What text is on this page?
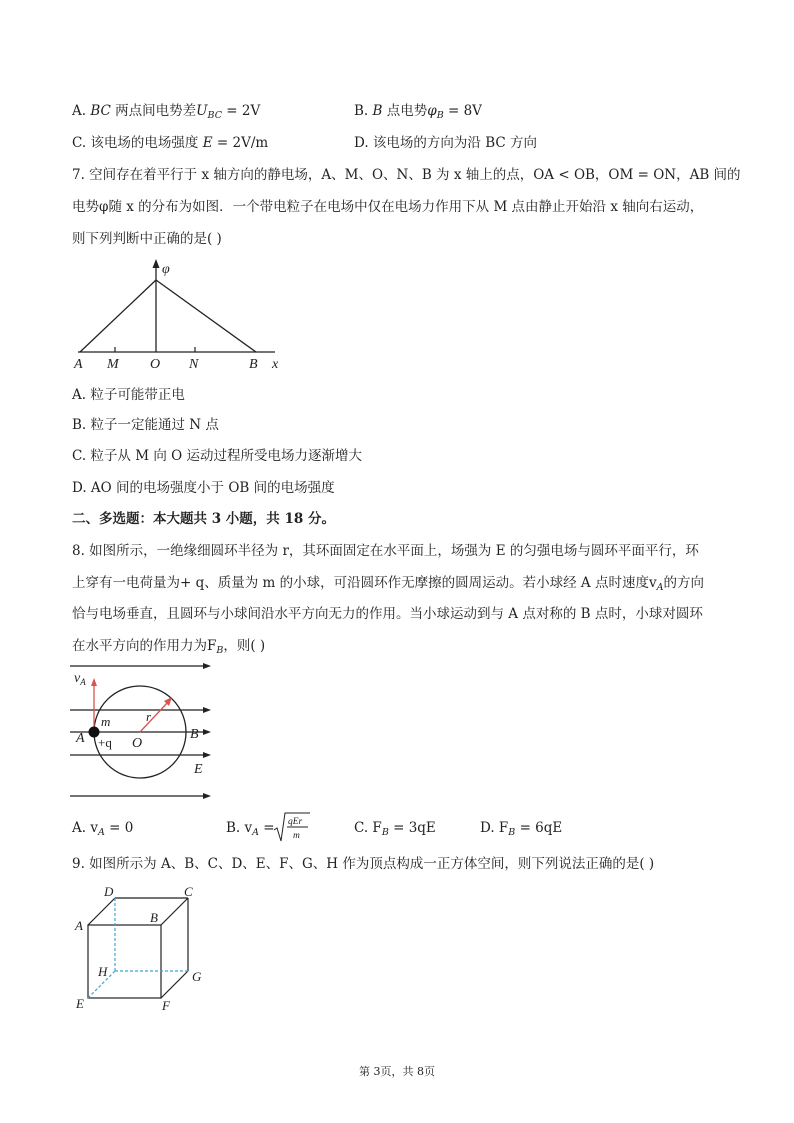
A. BC 两点间电势差$U_{BC} = 2V$	B. B 点电势$\varphi_B = 8V$
C. 该电场的电场强度 E = 2V/m	D. 该电场的方向为沿 BC 方向
7. 空间存在着平行于 x 轴方向的静电场，A、M、O、N、B 为 x 轴上的点，OA < OB，OM = ON，AB 间的
电势φ随 x 的分布为如图．一个带电粒子在电场中仅在电场力作用下从 M 点由静止开始沿 x 轴向右运动，
则下列判断中正确的是( )
φ
A M O N	B x
A. 粒子可能带正电
B. 粒子一定能通过 N 点
C. 粒子从 M 向 O 运动过程所受电场力逐渐增大
D. AO 间的电场强度小于 OB 间的电场强度
二、多选题：本大题共 3 小题，共 18 分。
8. 如图所示，一绝缘细圆环半径为 r，其环面固定在水平面上，场强为 E 的匀强电场与圆环平面平行，环
上穿有一电荷量为+ q、质量为 m 的小球，可沿圆环作无摩擦的圆周运动。若小球经 A 点时速度$v_A$的方向
恰与电场垂直，且圆环与小球间沿水平方向无力的作用。当小球运动到与 A 点对称的 B 点时，小球对圆环
在水平方向的作用力为$F_B$，则( )
$v_A$
m	r
A +q O
B
E
A. $v_A = 0$	B. $v_A$ = qEr
m	C. $F_B = 3qE$	D. $F_B = 6qE$
9. 如图所示为 A、B、C、D、E、F、G、H 作为顶点构成一正方体空间，则下列说法正确的是( )
D	C
B
A
H	G
E	F
第 3页，共 8页
